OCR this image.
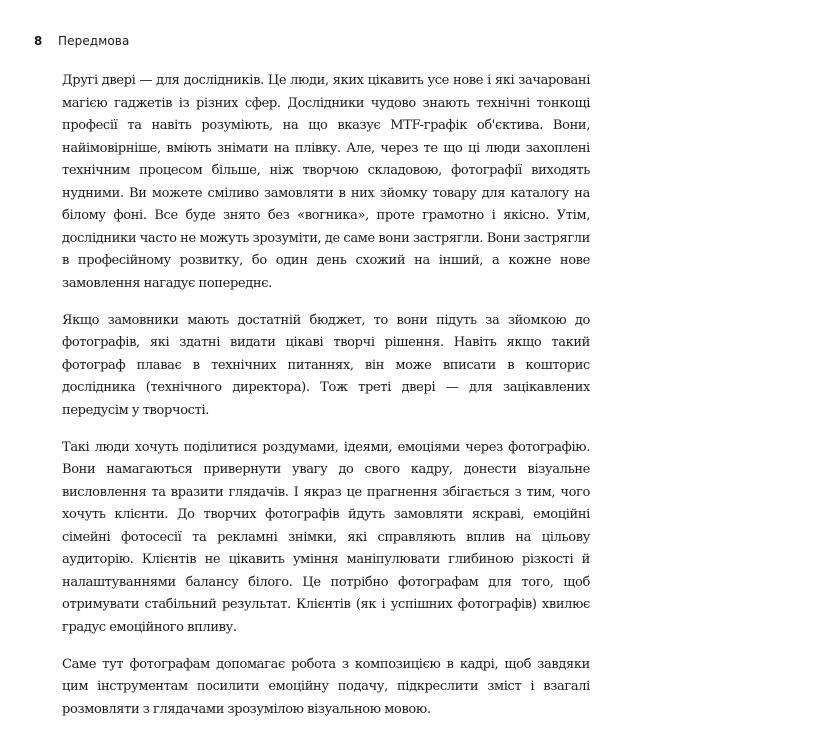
8 Передмова

Другі двері — для дослідників. Це люди, яких цікавить усе нове і які зачаровані магією гаджетів із різних сфер. Дослідники чудово знають технічні тонкощі професії та навіть розуміють, на що вказує MTF-графік об'єктива. Вони, найімовірніше, вміють знімати на плівку. Але, через те що ці люди захоплені технічним процесом більше, ніж творчою складовою, фотографії виходять нудними. Ви можете сміливо замовляти в них зйомку товару для каталогу на білому фоні. Все буде знято без «вогника», проте грамотно і якісно. Утім, дослідники часто не можуть зрозуміти, де саме вони застрягли. Вони застрягли в професійному розвитку, бо один день схожий на інший, а кожне нове замовлення нагадує попереднє.

Якщо замовники мають достатній бюджет, то вони підуть за зйомкою до фотографів, які здатні видати цікаві творчі рішення. Навіть якщо такий фотограф плаває в технічних питаннях, він може вписати в кошторис дослідника (технічного директора). Тож треті двері — для зацікавлених передусім у творчості.

Такі люди хочуть поділитися роздумами, ідеями, емоціями через фотографію. Вони намагаються привернути увагу до свого кадру, донести візуальне висловлення та вразити глядачів. І якраз це прагнення збігається з тим, чого хочуть клієнти. До творчих фотографів йдуть замовляти яскраві, емоційні сімейні фотосесії та рекламні знімки, які справляють вплив на цільову аудиторію. Клієнтів не цікавить уміння маніпулювати глибиною різкості й налаштуваннями балансу білого. Це потрібно фотографам для того, щоб отримувати стабільний результат. Клієнтів (як і успішних фотографів) хвилює градус емоційного впливу.

Саме тут фотографам допомагає робота з композицією в кадрі, щоб завдяки цим інструментам посилити емоційну подачу, підкреслити зміст і взагалі розмовляти з глядачами зрозумілою візуальною мовою.
